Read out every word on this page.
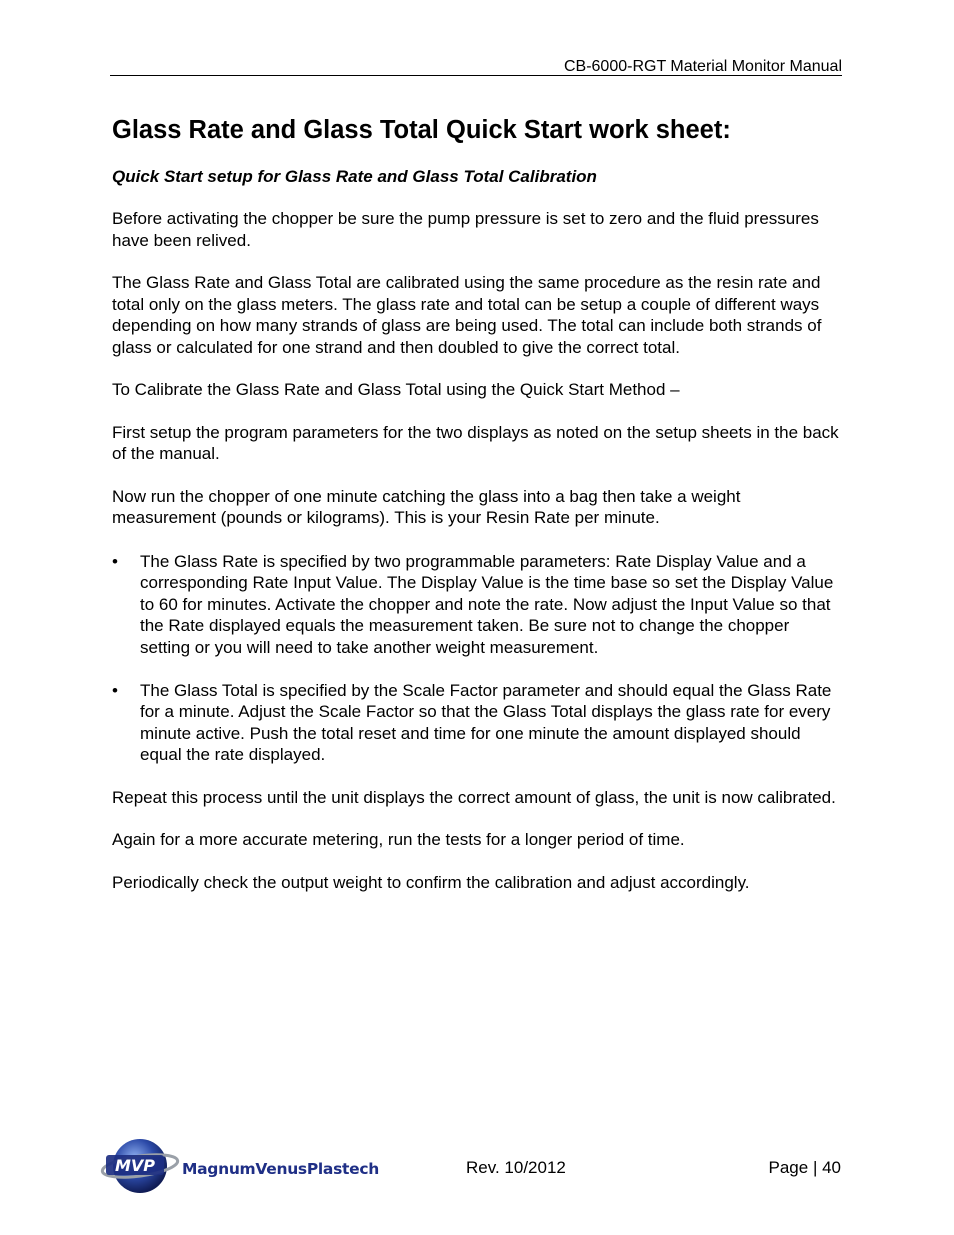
CB-6000-RGT Material Monitor Manual
Glass Rate and Glass Total Quick Start work sheet:
Quick Start setup for Glass Rate and Glass Total Calibration

Before activating the chopper be sure the pump pressure is set to zero and the fluid pressures have been relived.

The Glass Rate and Glass Total are calibrated using the same procedure as the resin rate and total only on the glass meters. The glass rate and total can be setup a couple of different ways depending on how many strands of glass are being used. The total can include both strands of glass or calculated for one strand and then doubled to give the correct total.

To Calibrate the Glass Rate and Glass Total using the Quick Start Method –

First setup the program parameters for the two displays as noted on the setup sheets in the back of the manual.

Now run the chopper of one minute catching the glass into a bag then take a weight measurement (pounds or kilograms). This is your Resin Rate per minute.

• The Glass Rate is specified by two programmable parameters: Rate Display Value and a corresponding Rate Input Value. The Display Value is the time base so set the Display Value to 60 for minutes. Activate the chopper and note the rate. Now adjust the Input Value so that the Rate displayed equals the measurement taken. Be sure not to change the chopper setting or you will need to take another weight measurement.
• The Glass Total is specified by the Scale Factor parameter and should equal the Glass Rate for a minute. Adjust the Scale Factor so that the Glass Total displays the glass rate for every minute active. Push the total reset and time for one minute the amount displayed should equal the rate displayed.

Repeat this process until the unit displays the correct amount of glass, the unit is now calibrated.

Again for a more accurate metering, run the tests for a longer period of time.

Periodically check the output weight to confirm the calibration and adjust accordingly.

MVP MagnumVenusPlastech	Rev. 10/2012	Page | 40
